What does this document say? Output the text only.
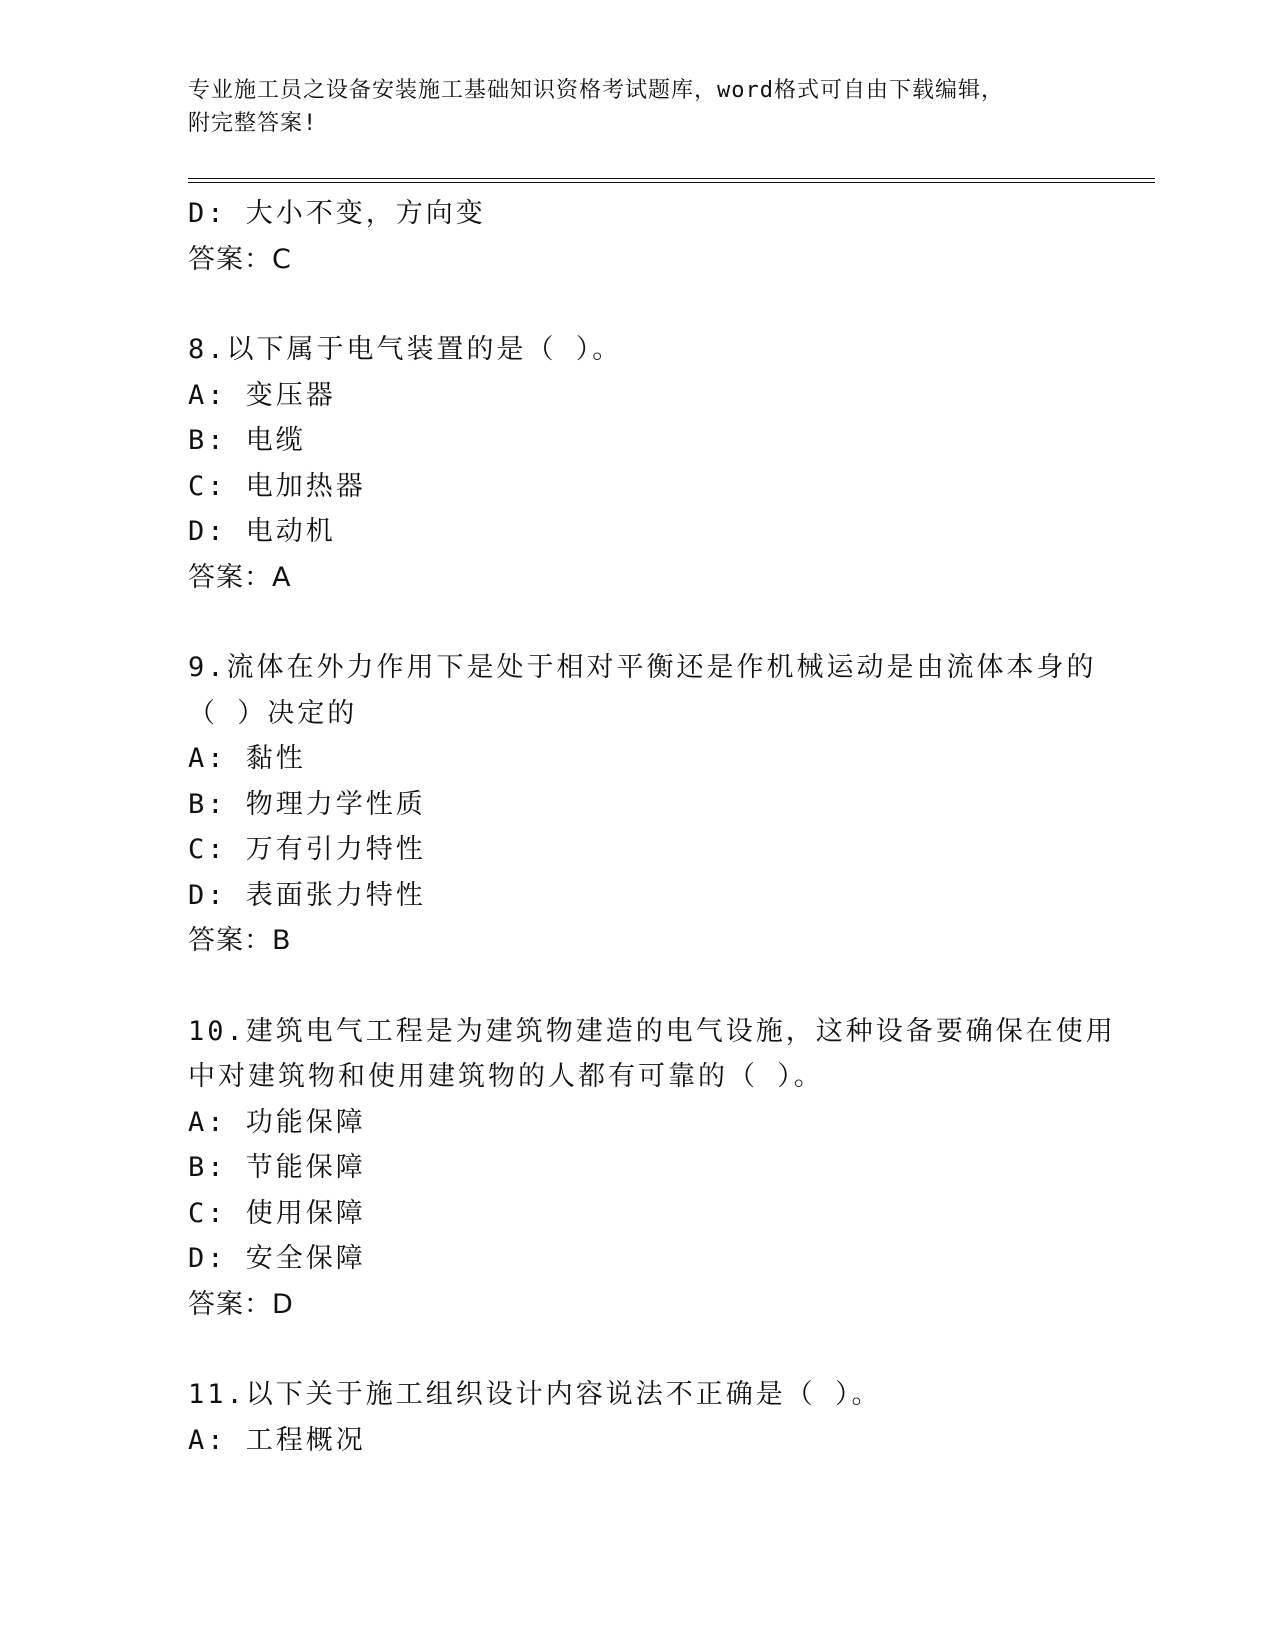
专业施工员之设备安装施工基础知识资格考试题库，word格式可自由下载编辑，
附完整答案!
D: 大小不变，方向变
答案：C
8.以下属于电气装置的是（ ）。
A: 变压器
B: 电缆
C: 电加热器
D: 电动机
答案：A
9.流体在外力作用下是处于相对平衡还是作机械运动是由流体本身的
（ ）决定的
A: 黏性
B: 物理力学性质
C: 万有引力特性
D: 表面张力特性
答案：B
10.建筑电气工程是为建筑物建造的电气设施，这种设备要确保在使用
中对建筑物和使用建筑物的人都有可靠的（ ）。
A: 功能保障
B: 节能保障
C: 使用保障
D: 安全保障
答案：D
11.以下关于施工组织设计内容说法不正确是（ ）。
A: 工程概况
